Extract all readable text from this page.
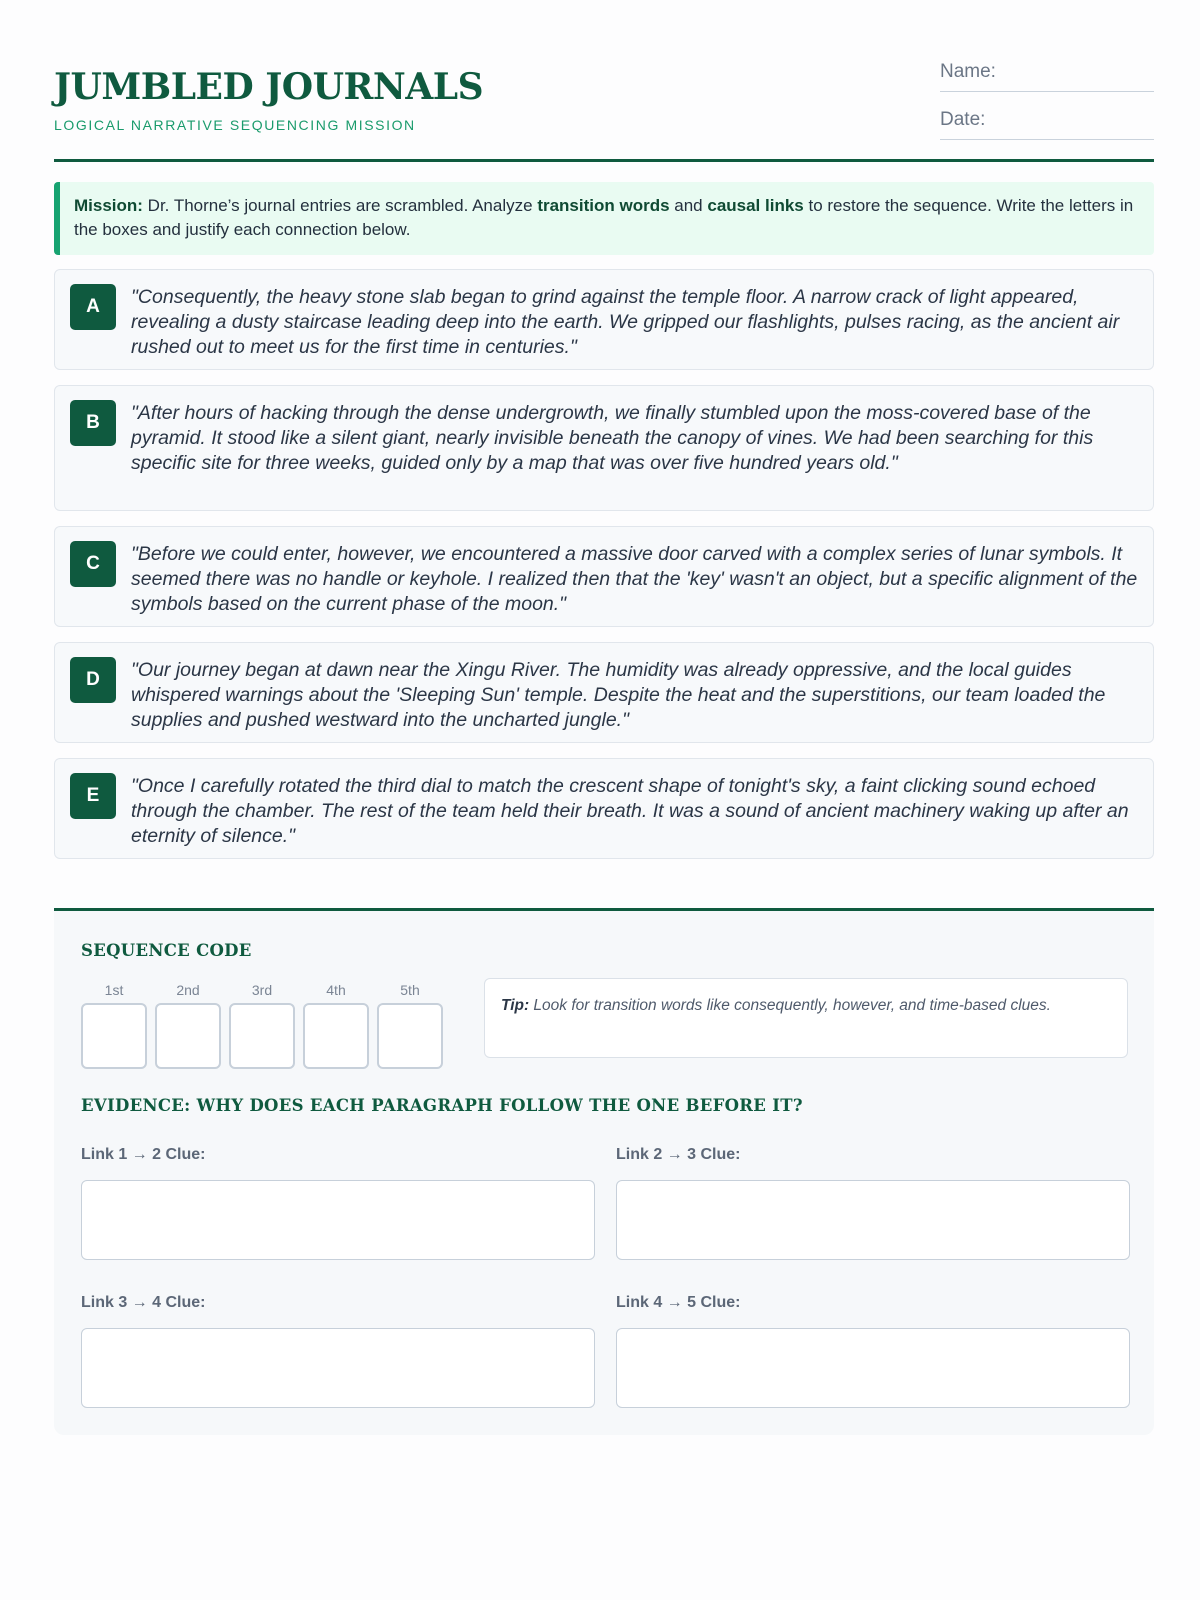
JUMBLED JOURNALS
LOGICAL NARRATIVE SEQUENCING MISSION
Name:
Date:
Mission: Dr. Thorne’s journal entries are scrambled. Analyze transition words and causal links to restore the sequence. Write the letters in the boxes and justify each connection below.
A	"Consequently, the heavy stone slab began to grind against the temple floor. A narrow crack of light appeared, revealing a dusty staircase leading deep into the earth. We gripped our flashlights, pulses racing, as the ancient air rushed out to meet us for the first time in centuries."
B	"After hours of hacking through the dense undergrowth, we finally stumbled upon the moss-covered base of the pyramid. It stood like a silent giant, nearly invisible beneath the canopy of vines. We had been searching for this specific site for three weeks, guided only by a map that was over five hundred years old."
C	"Before we could enter, however, we encountered a massive door carved with a complex series of lunar symbols. It seemed there was no handle or keyhole. I realized then that the 'key' wasn't an object, but a specific alignment of the symbols based on the current phase of the moon."
D	"Our journey began at dawn near the Xingu River. The humidity was already oppressive, and the local guides whispered warnings about the 'Sleeping Sun' temple. Despite the heat and the superstitions, our team loaded the supplies and pushed westward into the uncharted jungle."
E	"Once I carefully rotated the third dial to match the crescent shape of tonight's sky, a faint clicking sound echoed through the chamber. The rest of the team held their breath. It was a sound of ancient machinery waking up after an eternity of silence."
SEQUENCE CODE
1st	2nd	3rd	4th	5th
Tip: Look for transition words like consequently, however, and time-based clues.
EVIDENCE: WHY DOES EACH PARAGRAPH FOLLOW THE ONE BEFORE IT?
Link 1 → 2 Clue:	Link 2 → 3 Clue:
Link 3 → 4 Clue:	Link 4 → 5 Clue:
